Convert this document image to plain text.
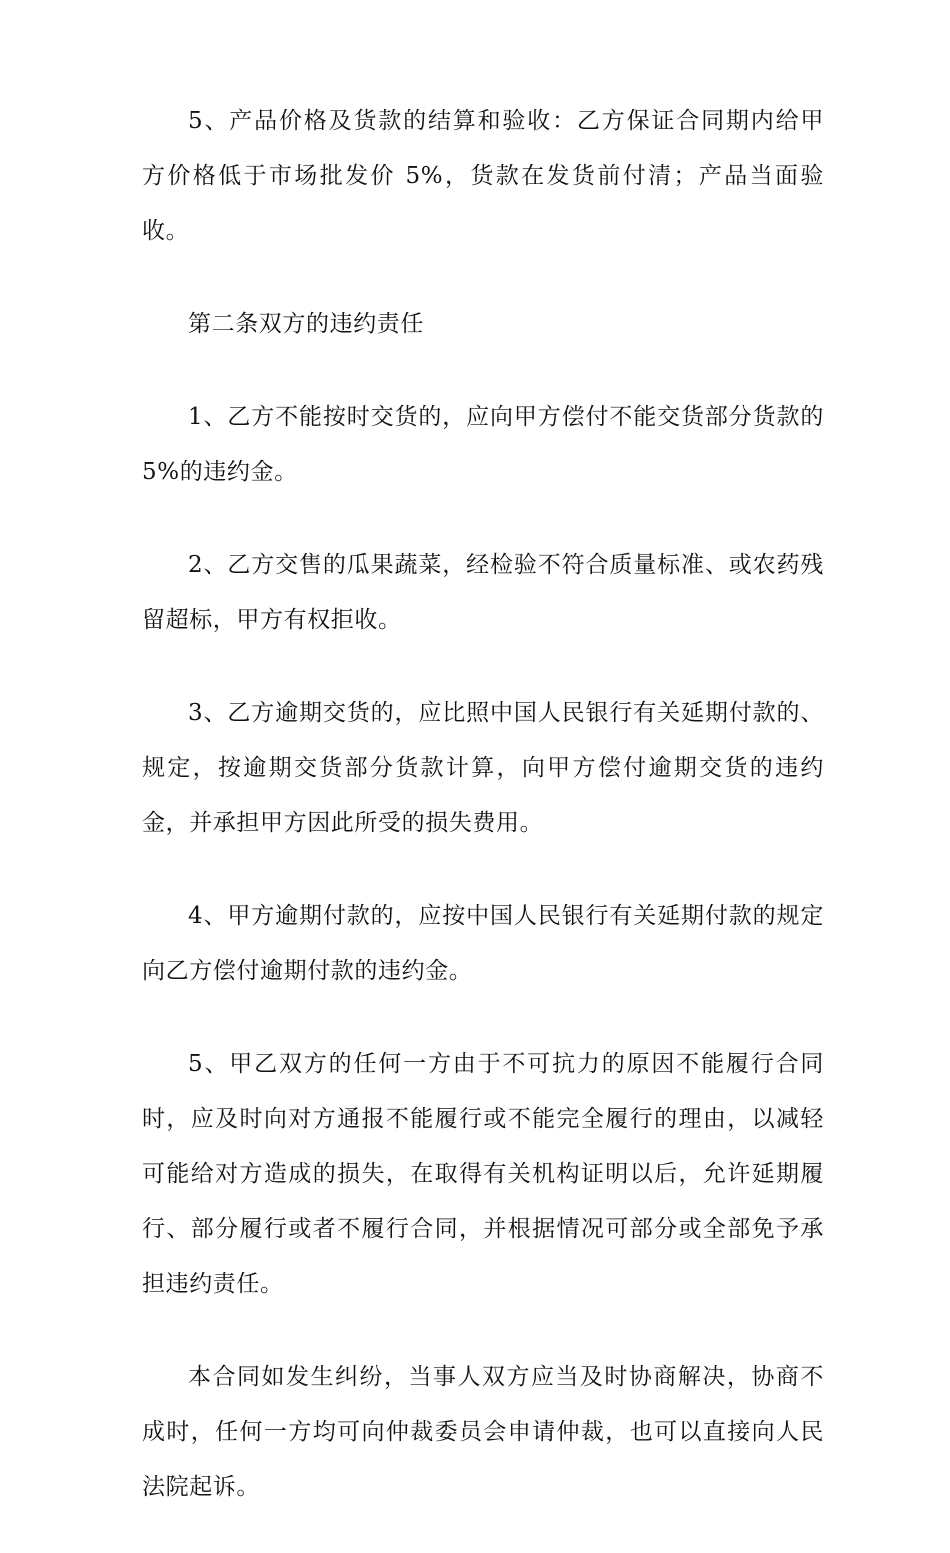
5、产品价格及货款的结算和验收：乙方保证合同期内给甲 方价格低于市场批发价 5%，货款在发货前付清；产品当面验收。

第二条双方的违约责任

1、乙方不能按时交货的，应向甲方偿付不能交货部分货款的 5%的违约金。

2、乙方交售的瓜果蔬菜，经检验不符合质量标准、或农药残留超标，甲方有权拒收。

3、乙方逾期交货的，应比照中国人民银行有关延期付款的、规定，按逾期交货部分货款计算，向甲方偿付逾期交货的违约金，并承担甲方因此所受的损失费用。

4、甲方逾期付款的，应按中国人民银行有关延期付款的规定向乙方偿付逾期付款的违约金。

5、甲乙双方的任何一方由于不可抗力的原因不能履行合同时，应及时向对方通报不能履行或不能完全履行的理由，以减轻可能给对方造成的损失，在取得有关机构证明以后，允许延期履行、部分履行或者不履行合同，并根据情况可部分或全部免予承担违约责任。

本合同如发生纠纷，当事人双方应当及时协商解决，协商不成时，任何一方均可向仲裁委员会申请仲裁，也可以直接向人民法院起诉。
